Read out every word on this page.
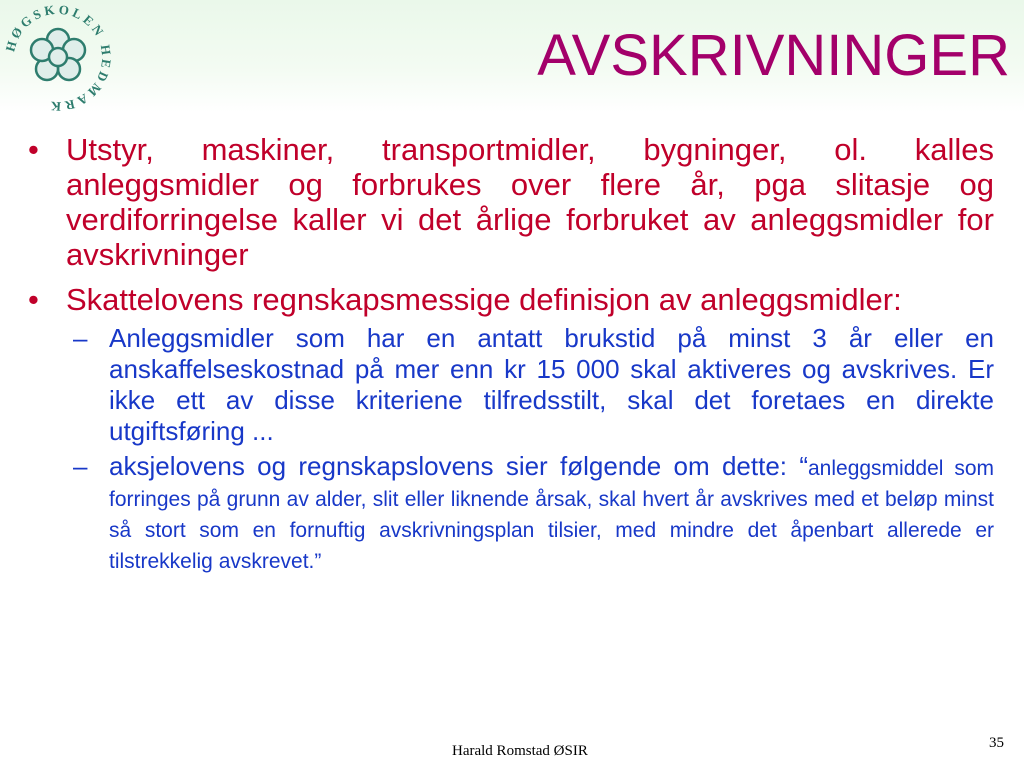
HØGSKOLEN HEDMARK
AVSKRIVNINGER
• Utstyr, maskiner, transportmidler, bygninger, ol. kalles anleggsmidler og forbrukes over flere år, pga slitasje og verdiforringelse kaller vi det årlige forbruket av anleggsmidler for avskrivninger
• Skattelovens regnskapsmessige definisjon av anleggsmidler:
– Anleggsmidler som har en antatt brukstid på minst 3 år eller en anskaffelseskostnad på mer enn kr 15 000 skal aktiveres og avskrives. Er ikke ett av disse kriteriene tilfredsstilt, skal det foretaes en direkte utgiftsføring ...
– aksjelovens og regnskapslovens sier følgende om dette: “anleggsmiddel som forringes på grunn av alder, slit eller liknende årsak, skal hvert år avskrives med et beløp minst så stort som en fornuftig avskrivningsplan tilsier, med mindre det åpenbart allerede er tilstrekkelig avskrevet.”
Harald Romstad ØSIR	35
